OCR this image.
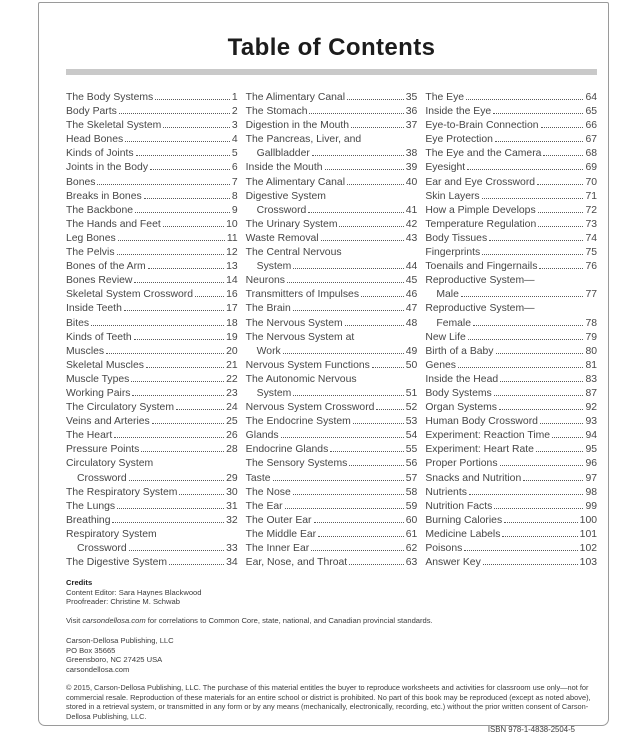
Table of Contents
The Body Systems	1
Body Parts	2
The Skeletal System	3
Head Bones	4
Kinds of Joints	5
Joints in the Body	6
Bones	7
Breaks in Bones	8
The Backbone	9
The Hands and Feet	10
Leg Bones	11
The Pelvis	12
Bones of the Arm	13
Bones Review	14
Skeletal System Crossword	16
Inside Teeth	17
Bites	18
Kinds of Teeth	19
Muscles	20
Skeletal Muscles	21
Muscle Types	22
Working Pairs	23
The Circulatory System	24
Veins and Arteries	25
The Heart	26
Pressure Points	28
Circulatory System
Crossword	29
The Respiratory System	30
The Lungs	31
Breathing	32
Respiratory System
Crossword	33
The Digestive System	34
The Alimentary Canal	35
The Stomach	36
Digestion in the Mouth	37
The Pancreas, Liver, and
Gallbladder	38
Inside the Mouth	39
The Alimentary Canal	40
Digestive System
Crossword	41
The Urinary System	42
Waste Removal	43
The Central Nervous
System	44
Neurons	45
Transmitters of Impulses	46
The Brain	47
The Nervous System	48
The Nervous System at
Work	49
Nervous System Functions	50
The Autonomic Nervous
System	51
Nervous System Crossword	52
The Endocrine System	53
Glands	54
Endocrine Glands	55
The Sensory Systems	56
Taste	57
The Nose	58
The Ear	59
The Outer Ear	60
The Middle Ear	61
The Inner Ear	62
Ear, Nose, and Throat	63
The Eye	64
Inside the Eye	65
Eye-to-Brain Connection	66
Eye Protection	67
The Eye and the Camera	68
Eyesight	69
Ear and Eye Crossword	70
Skin Layers	71
How a Pimple Develops	72
Temperature Regulation	73
Body Tissues	74
Fingerprints	75
Toenails and Fingernails	76
Reproductive System—
Male	77
Reproductive System—
Female	78
New Life	79
Birth of a Baby	80
Genes	81
Inside the Head	83
Body Systems	87
Organ Systems	92
Human Body Crossword	93
Experiment: Reaction Time	94
Experiment: Heart Rate	95
Proper Portions	96
Snacks and Nutrition	97
Nutrients	98
Nutrition Facts	99
Burning Calories	100
Medicine Labels	101
Poisons	102
Answer Key	103
Credits
Content Editor: Sara Haynes Blackwood
Proofreader: Christine M. Schwab
Visit carsondellosa.com for correlations to Common Core, state, national, and Canadian provincial standards.
Carson-Dellosa Publishing, LLC
PO Box 35665
Greensboro, NC 27425 USA
carsondellosa.com
© 2015, Carson-Dellosa Publishing, LLC. The purchase of this material entitles the buyer to reproduce worksheets and activities for classroom use only—not for commercial resale. Reproduction of these materials for an entire school or district is prohibited. No part of this book may be reproduced (except as noted above), stored in a retrieval system, or transmitted in any form or by any means (mechanically, electronically, recording, etc.) without the prior written consent of Carson-Dellosa Publishing, LLC.
ISBN 978-1-4838-2504-5
